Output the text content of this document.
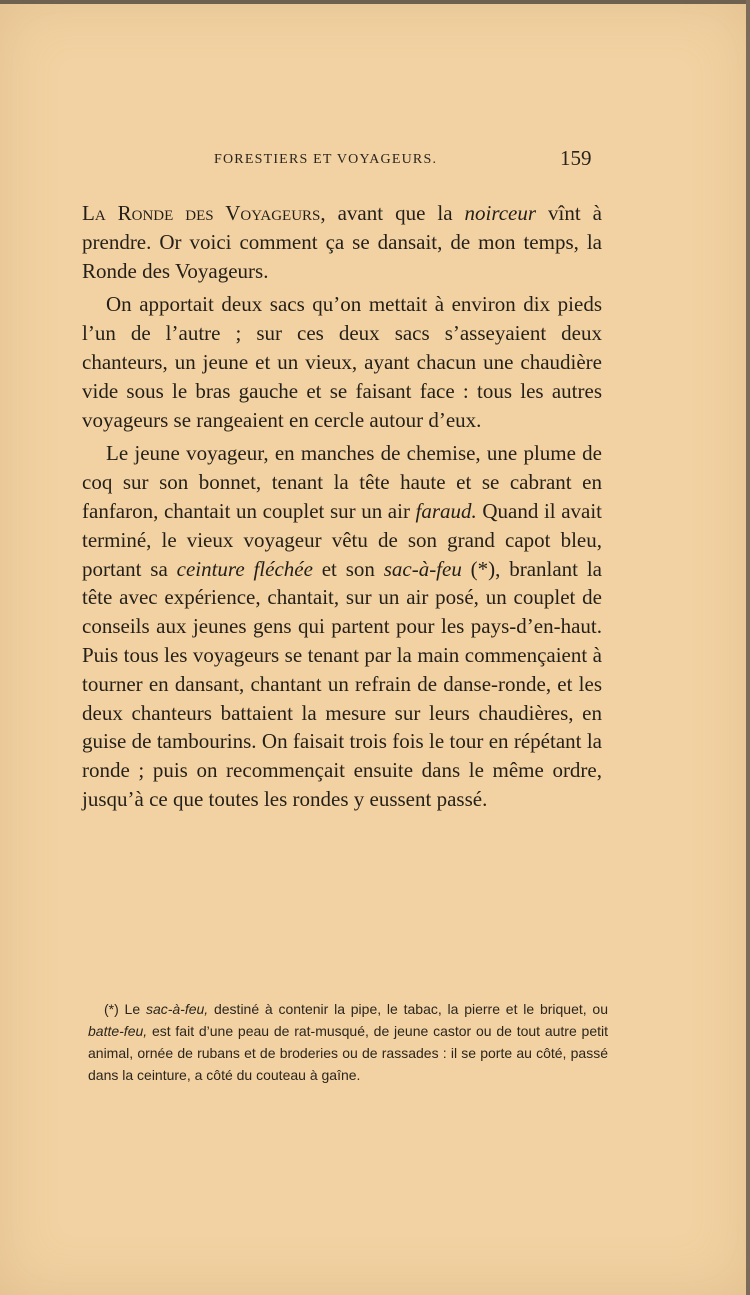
FORESTIERS ET VOYAGEURS.	159

La Ronde des Voyageurs, avant que la noirceur vînt à prendre. Or voici comment ça se dansait, de mon temps, la Ronde des Voyageurs.

On apportait deux sacs qu’on mettait à environ dix pieds l’un de l’autre ; sur ces deux sacs s’asseyaient deux chanteurs, un jeune et un vieux, ayant chacun une chaudière vide sous le bras gauche et se faisant face : tous les autres voyageurs se rangeaient en cercle autour d’eux.

Le jeune voyageur, en manches de chemise, une plume de coq sur son bonnet, tenant la tête haute et se cabrant en fanfaron, chantait un couplet sur un air faraud. Quand il avait terminé, le vieux voyageur vêtu de son grand capot bleu, portant sa ceinture fléchée et son sac-à-feu (*), branlant la tête avec expérience, chantait, sur un air posé, un couplet de conseils aux jeunes gens qui partent pour les pays-d’en-haut. Puis tous les voyageurs se tenant par la main commençaient à tourner en dansant, chantant un refrain de danse-ronde, et les deux chanteurs battaient la mesure sur leurs chaudières, en guise de tambourins. On faisait trois fois le tour en répétant la ronde ; puis on recommençait ensuite dans le même ordre, jusqu’à ce que toutes les rondes y eussent passé.

(*) Le sac-à-feu, destiné à contenir la pipe, le tabac, la pierre et le briquet, ou batte-feu, est fait d’une peau de rat-musqué, de jeune castor ou de tout autre petit animal, ornée de rubans et de broderies ou de rassades : il se porte au côté, passé dans la ceinture, a côté du couteau à gaîne.
